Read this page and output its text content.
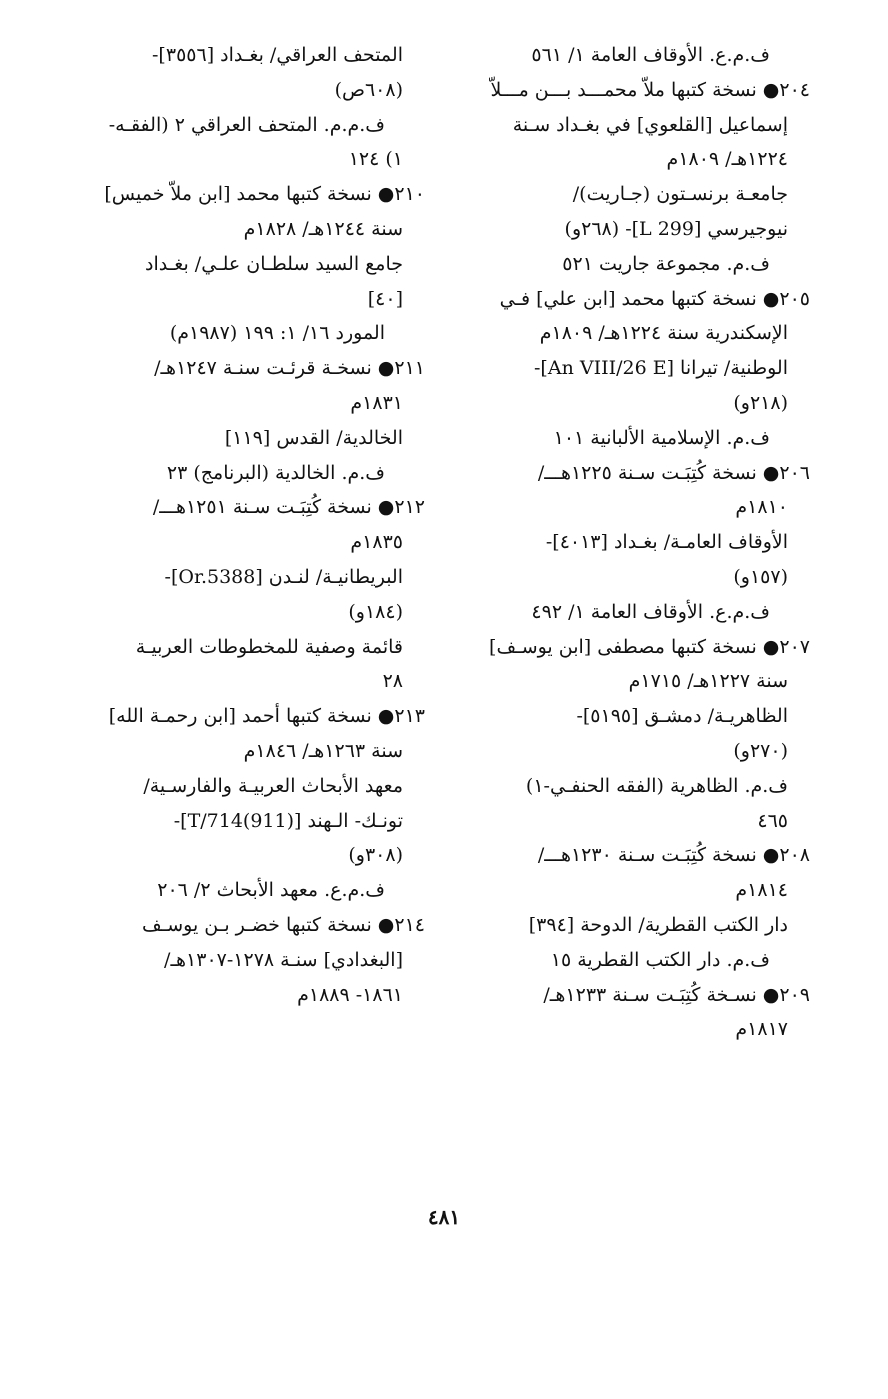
ف.م.ع. الأوقاف العامة ١/ ٥٦١
٢٠٤● نسخة كتبها ملاّ محمـــد بـــن مـــلاّ
إسماعيل [القلعوي] في بغـداد سـنة
١٢٢٤هـ/ ١٨٠٩م
جامعـة برنسـتون (جـاريت)/
نيوجيرسي [299 L]- (٢٦٨و)
ف.م. مجموعة جاريت ٥٢١
٢٠٥● نسخة كتبها محمد [ابن علي] فـي
الإسكندرية سنة ١٢٢٤هـ/ ١٨٠٩م
الوطنية/ تيرانا [An VIII/26 E]-
(٢١٨و)
ف.م. الإسلامية الألبانية ١٠١
٢٠٦● نسخة كُتِبَـت سـنة ١٢٢٥هـــ/
١٨١٠م
الأوقاف العامـة/ بغـداد [٤٠١٣]-
(١٥٧و)
ف.م.ع. الأوقاف العامة ١/ ٤٩٢
٢٠٧● نسخة كتبها مصطفى [ابن يوسـف]
سنة ١٢٢٧هـ/ ١٧١٥م
الظاهريـة/ دمشـق [٥١٩٥]-
(٢٧٠و)
ف.م. الظاهرية (الفقه الحنفـي-١)
٤٦٥
٢٠٨● نسخة كُتِبَـت سـنة ١٢٣٠هـــ/
١٨١٤م
دار الكتب القطرية/ الدوحة [٣٩٤]
ف.م. دار الكتب القطرية ١٥
٢٠٩● نسـخة كُتِبَـت سـنة ١٢٣٣هـ/
١٨١٧م
المتحف العراقي/ بغـداد [٣٥٥٦]-
(٦٠٨ص)
ف.م.م. المتحف العراقي ٢ (الفقـه-
١) ١٢٤
٢١٠● نسخة كتبها محمد [ابن ملاّ خميس]
سنة ١٢٤٤هـ/ ١٨٢٨م
جامع السيد سلطـان علـي/ بغـداد
[٤٠]
المورد ١٦/ ١: ١٩٩ (١٩٨٧م)
٢١١● نسخـة قرئـت سنـة ١٢٤٧هـ/
١٨٣١م
الخالدية/ القدس [١١٩]
ف.م. الخالدية (البرنامج) ٢٣
٢١٢● نسخة كُتِبَـت سـنة ١٢٥١هـــ/
١٨٣٥م
البريطانيـة/ لنـدن [Or.5388]-
(١٨٤و)
قائمة وصفية للمخطوطات العربيـة
٢٨
٢١٣● نسخة كتبها أحمد [ابن رحمـة الله]
سنة ١٢٦٣هـ/ ١٨٤٦م
معهد الأبحاث العربيـة والفارسـية/
تونـك- الـهند [(911)T/714]-
(٣٠٨و)
ف.م.ع. معهد الأبحاث ٢/ ٢٠٦
٢١٤● نسخة كتبها خضـر بـن يوسـف
[البغدادي] سنـة ١٢٧٨-١٣٠٧هـ/
١٨٦١- ١٨٨٩م
٤٨١
